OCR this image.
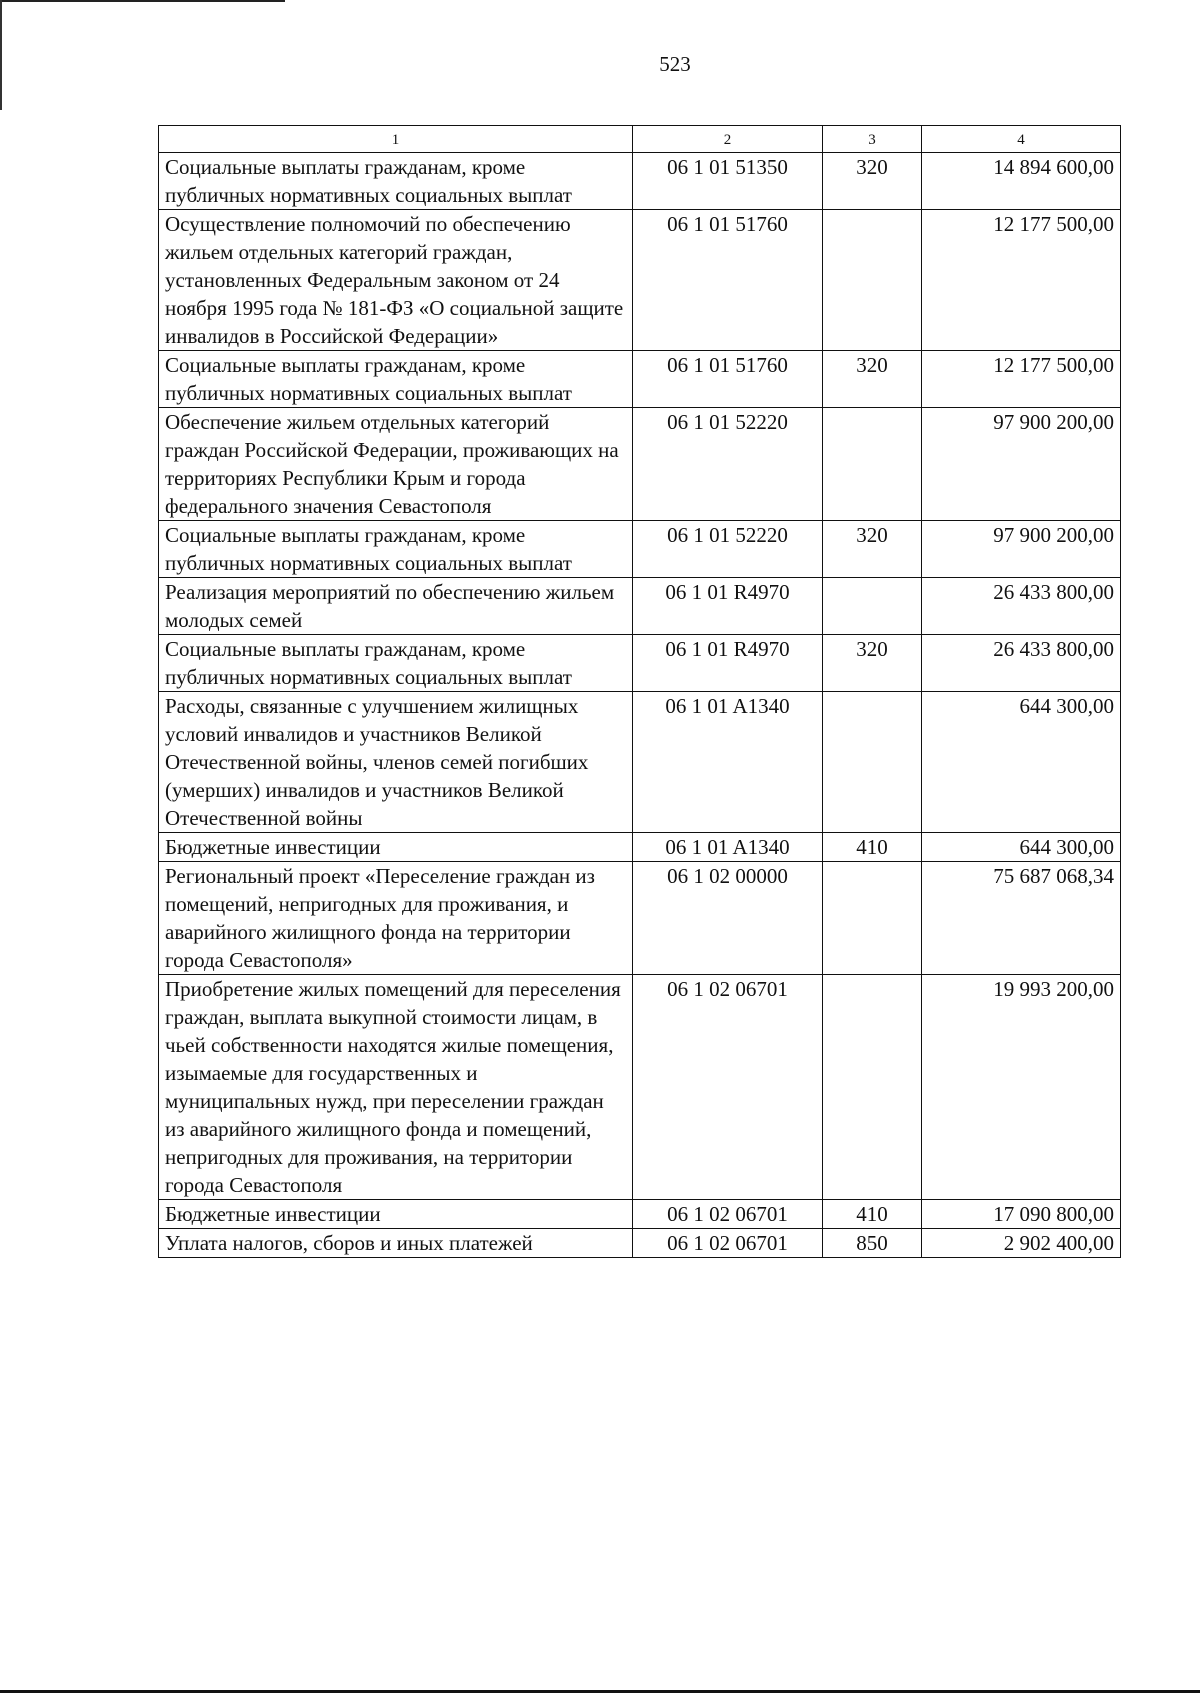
523
1	2	3	4
Социальные выплаты гражданам, кроме публичных нормативных социальных выплат	06 1 01 51350	320	14 894 600,00
Осуществление полномочий по обеспечению жильем отдельных категорий граждан, установленных Федеральным законом от 24 ноября 1995 года № 181-ФЗ «О социальной защите инвалидов в Российской Федерации»	06 1 01 51760		12 177 500,00
Социальные выплаты гражданам, кроме публичных нормативных социальных выплат	06 1 01 51760	320	12 177 500,00
Обеспечение жильем отдельных категорий граждан Российской Федерации, проживающих на территориях Республики Крым и города федерального значения Севастополя	06 1 01 52220		97 900 200,00
Социальные выплаты гражданам, кроме публичных нормативных социальных выплат	06 1 01 52220	320	97 900 200,00
Реализация мероприятий по обеспечению жильем молодых семей	06 1 01 R4970		26 433 800,00
Социальные выплаты гражданам, кроме публичных нормативных социальных выплат	06 1 01 R4970	320	26 433 800,00
Расходы, связанные с улучшением жилищных условий инвалидов и участников Великой Отечественной войны, членов семей погибших (умерших) инвалидов и участников Великой Отечественной войны	06 1 01 A1340		644 300,00
Бюджетные инвестиции	06 1 01 A1340	410	644 300,00
Региональный проект «Переселение граждан из помещений, непригодных для проживания, и аварийного жилищного фонда на территории города Севастополя»	06 1 02 00000		75 687 068,34
Приобретение жилых помещений для переселения граждан, выплата выкупной стоимости лицам, в чьей собственности находятся жилые помещения, изымаемые для государственных и муниципальных нужд, при переселении граждан из аварийного жилищного фонда и помещений, непригодных для проживания, на территории города Севастополя	06 1 02 06701		19 993 200,00
Бюджетные инвестиции	06 1 02 06701	410	17 090 800,00
Уплата налогов, сборов и иных платежей	06 1 02 06701	850	2 902 400,00
